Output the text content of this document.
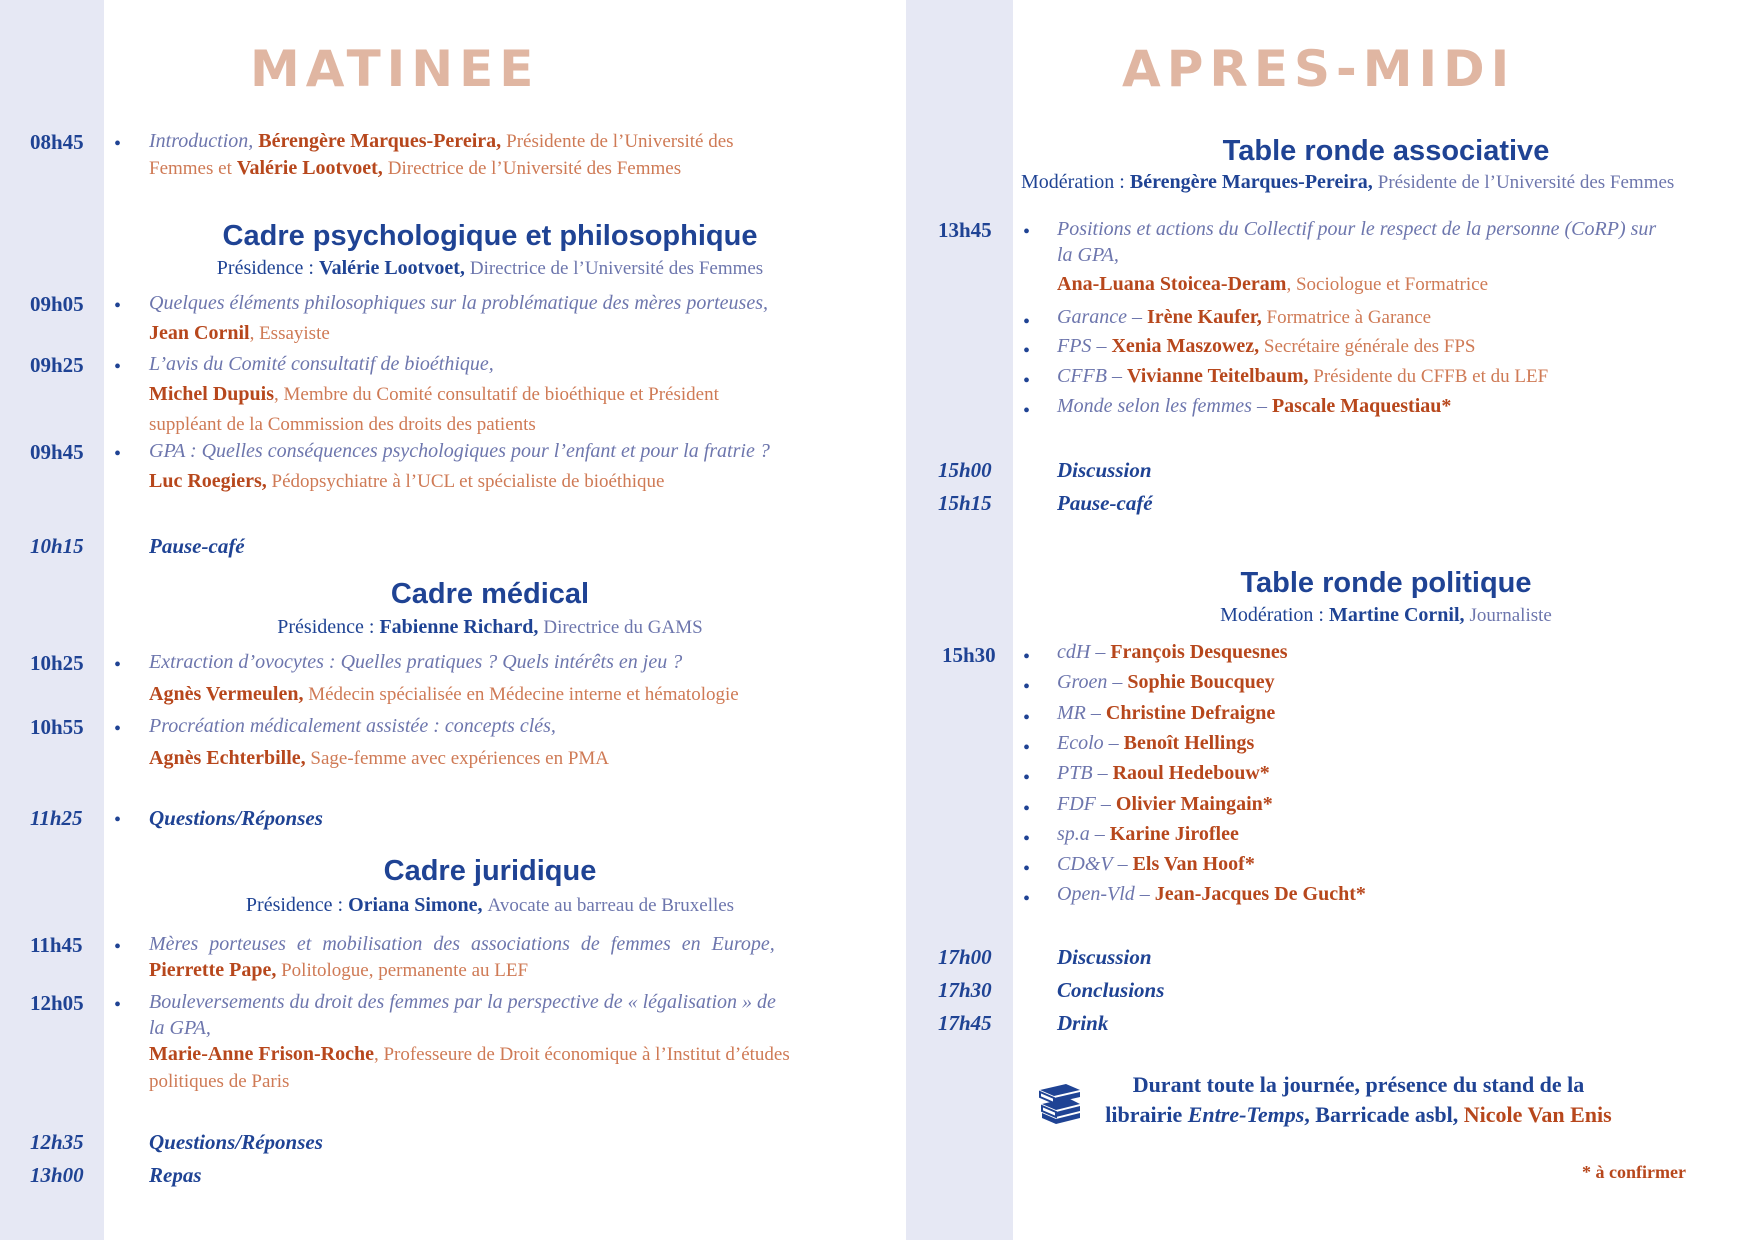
MATINEE
08h45 • Introduction, Bérengère Marques-Pereira, Présidente de l’Université des
Femmes et Valérie Lootvoet, Directrice de l’Université des Femmes
Cadre psychologique et philosophique
Présidence : Valérie Lootvoet, Directrice de l’Université des Femmes
09h05 • Quelques éléments philosophiques sur la problématique des mères porteuses,
Jean Cornil, Essayiste
09h25 • L’avis du Comité consultatif de bioéthique,
Michel Dupuis, Membre du Comité consultatif de bioéthique et Président
suppléant de la Commission des droits des patients
09h45 • GPA : Quelles conséquences psychologiques pour l’enfant et pour la fratrie ?
Luc Roegiers, Pédopsychiatre à l’UCL et spécialiste de bioéthique
10h15	Pause-café
Cadre médical
Présidence : Fabienne Richard, Directrice du GAMS
10h25 • Extraction d’ovocytes : Quelles pratiques ? Quels intérêts en jeu ?
Agnès Vermeulen, Médecin spécialisée en Médecine interne et hématologie
10h55 • Procréation médicalement assistée : concepts clés,
Agnès Echterbille, Sage-femme avec expériences en PMA
11h25 • Questions/Réponses
Cadre juridique
Présidence : Oriana Simone, Avocate au barreau de Bruxelles
11h45 • Mères porteuses et mobilisation des associations de femmes en Europe,
Pierrette Pape, Politologue, permanente au LEF
12h05 • Bouleversements du droit des femmes par la perspective de « légalisation » de
la GPA,
Marie-Anne Frison-Roche, Professeure de Droit économique à l’Institut d’études
politiques de Paris
12h35	Questions/Réponses
13h00	Repas
APRES-MIDI
Table ronde associative
Modération : Bérengère Marques-Pereira, Présidente de l’Université des Femmes
13h45 • Positions et actions du Collectif pour le respect de la personne (CoRP) sur
la GPA,
Ana-Luana Stoicea-Deram, Sociologue et Formatrice
• Garance – Irène Kaufer, Formatrice à Garance
• FPS – Xenia Maszowez, Secrétaire générale des FPS
• CFFB – Vivianne Teitelbaum, Présidente du CFFB et du LEF
• Monde selon les femmes – Pascale Maquestiau*
15h00	Discussion
15h15	Pause-café
Table ronde politique
Modération : Martine Cornil, Journaliste
15h30 • cdH – François Desquesnes
• Groen – Sophie Boucquey
• MR – Christine Defraigne
• Ecolo – Benoît Hellings
• PTB – Raoul Hedebouw*
• FDF – Olivier Maingain*
• sp.a – Karine Jiroflee
• CD&V – Els Van Hoof*
• Open-Vld – Jean-Jacques De Gucht*
17h00	Discussion
17h30	Conclusions
17h45	Drink
Durant toute la journée, présence du stand de la
librairie Entre-Temps, Barricade asbl, Nicole Van Enis
* à confirmer
